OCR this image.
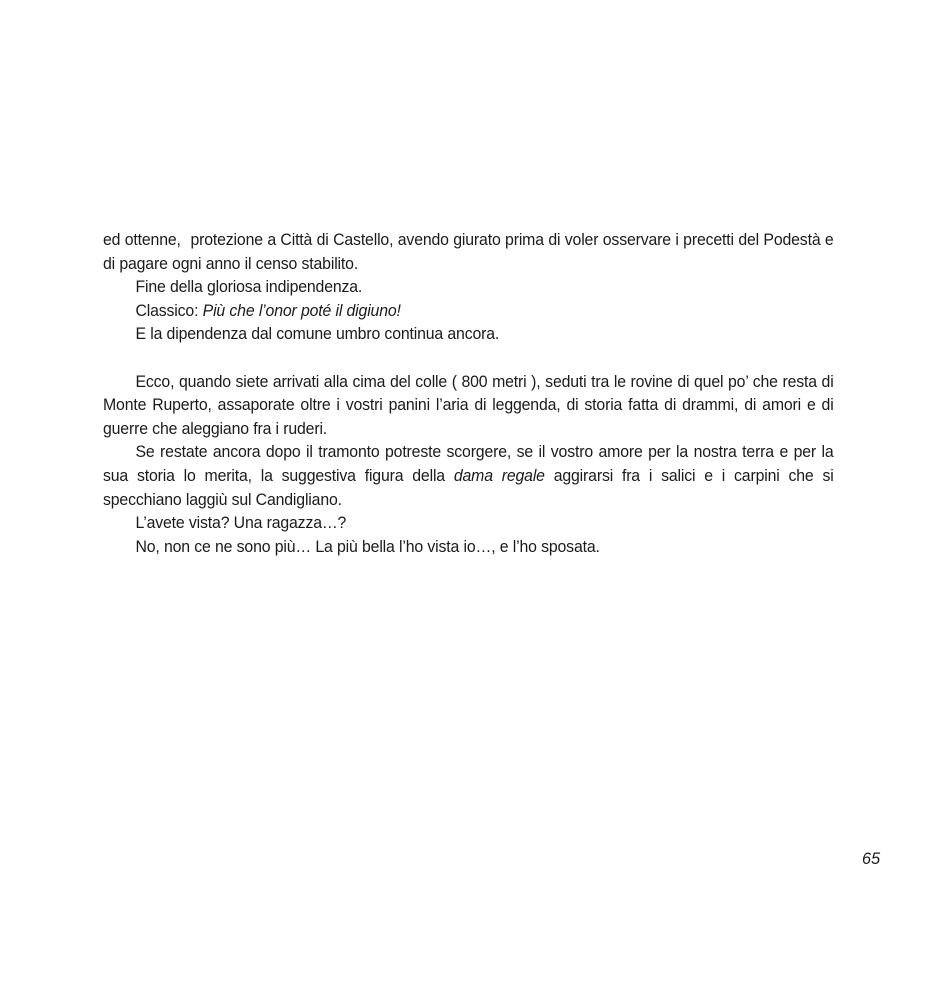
ed ottenne, protezione a Città di Castello, avendo giurato prima di voler osservare i precetti del Podestà e di pagare ogni anno il censo stabilito.

Fine della gloriosa indipendenza.

Classico: Più che l’onor poté il digiuno!

E la dipendenza dal comune umbro continua ancora.

Ecco, quando siete arrivati alla cima del colle ( 800 metri ), seduti tra le rovine di quel po’ che resta di Monte Ruperto, assaporate oltre i vostri panini l’aria di leggenda, di storia fatta di drammi, di amori e di guerre che aleggiano fra i ruderi.

Se restate ancora dopo il tramonto potreste scorgere, se il vostro amore per la nostra terra e per la sua storia lo merita, la suggestiva figura della dama regale aggirarsi fra i salici e i carpini che si specchiano laggiù sul Candigliano.

L’avete vista? Una ragazza…?

No, non ce ne sono più… La più bella l’ho vista io…, e l’ho sposata.

65
